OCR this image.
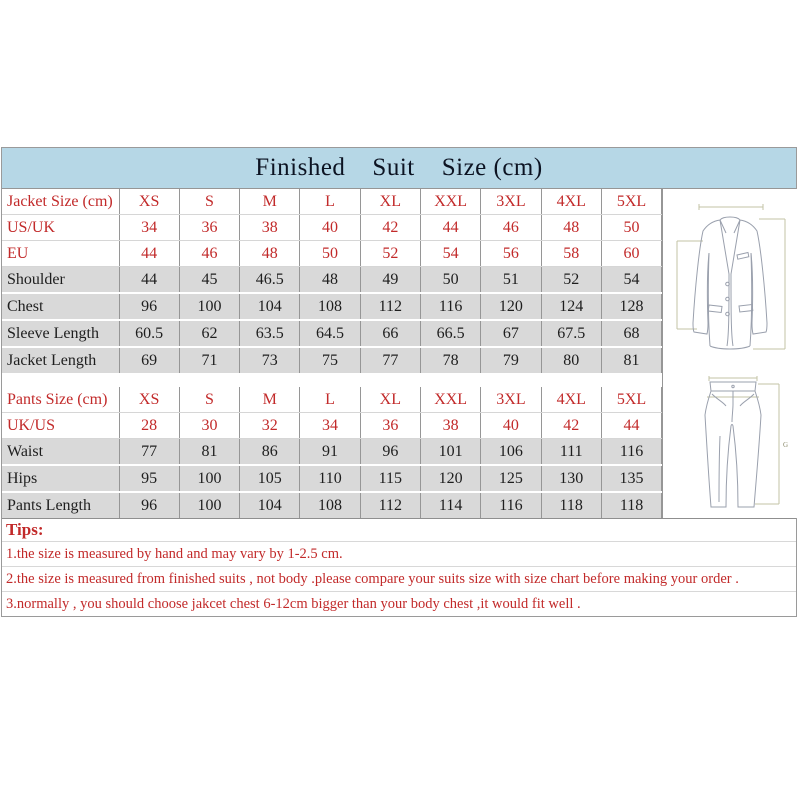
Finished Suit Size (cm)
Jacket Size (cm)	XS	S	M	L	XL	XXL	3XL	4XL	5XL
US/UK	34	36	38	40	42	44	46	48	50
EU	44	46	48	50	52	54	56	58	60
Shoulder	44	45	46.5	48	49	50	51	52	54
Chest	96	100	104	108	112	116	120	124	128
Sleeve Length	60.5	62	63.5	64.5	66	66.5	67	67.5	68
Jacket Length	69	71	73	75	77	78	79	80	81
Pants Size (cm)	XS	S	M	L	XL	XXL	3XL	4XL	5XL
UK/US	28	30	32	34	36	38	40	42	44
Waist	77	81	86	91	96	101	106	111	116
Hips	95	100	105	110	115	120	125	130	135
Pants Length	96	100	104	108	112	114	116	118	118
G
Tips:
1.the size is measured by hand and may vary by 1-2.5 cm.
2.the size is measured from finished suits , not body .please compare your suits size with size chart before making your order .
3.normally , you should choose jakcet chest 6-12cm bigger than your body chest ,it would fit well .
